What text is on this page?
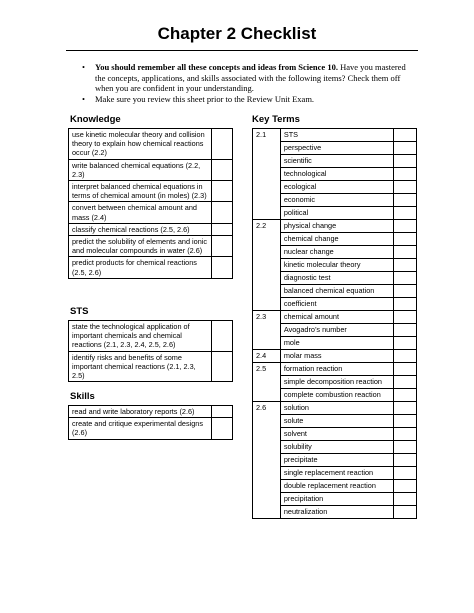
Chapter 2 Checklist
• You should remember all these concepts and ideas from Science 10. Have you mastered the concepts, applications, and skills associated with the following items? Check them off when you are confident in your understanding.
• Make sure you review this sheet prior to the Review Unit Exam.
Knowledge
use kinetic molecular theory and collision theory to explain how chemical reactions occur (2.2)	
write balanced chemical equations (2.2, 2.3)	
interpret balanced chemical equations in terms of chemical amount (in moles) (2.3)	
convert between chemical amount and mass (2.4)	
classify chemical reactions (2.5, 2.6)	
predict the solubility of elements and ionic and molecular compounds in water (2.6)	
predict products for chemical reactions (2.5, 2.6)	
STS
state the technological application of important chemicals and chemical reactions (2.1, 2.3, 2.4, 2.5, 2.6)	
identify risks and benefits of some important chemical reactions (2.1, 2.3, 2.5)	
Skills
read and write laboratory reports (2.6)	
create and critique experimental designs (2.6)	
Key Terms
2.1	STS	
	perspective	
	scientific	
	technological	
	ecological	
	economic	
	political	
2.2	physical change	
	chemical change	
	nuclear change	
	kinetic molecular theory	
	diagnostic test	
	balanced chemical equation	
	coefficient	
2.3	chemical amount	
	Avogadro’s number	
	mole	
2.4	molar mass	
2.5	formation reaction	
	simple decomposition reaction	
	complete combustion reaction	
2.6	solution	
	solute	
	solvent	
	solubility	
	precipitate	
	single replacement reaction	
	double replacement reaction	
	precipitation	
	neutralization	
